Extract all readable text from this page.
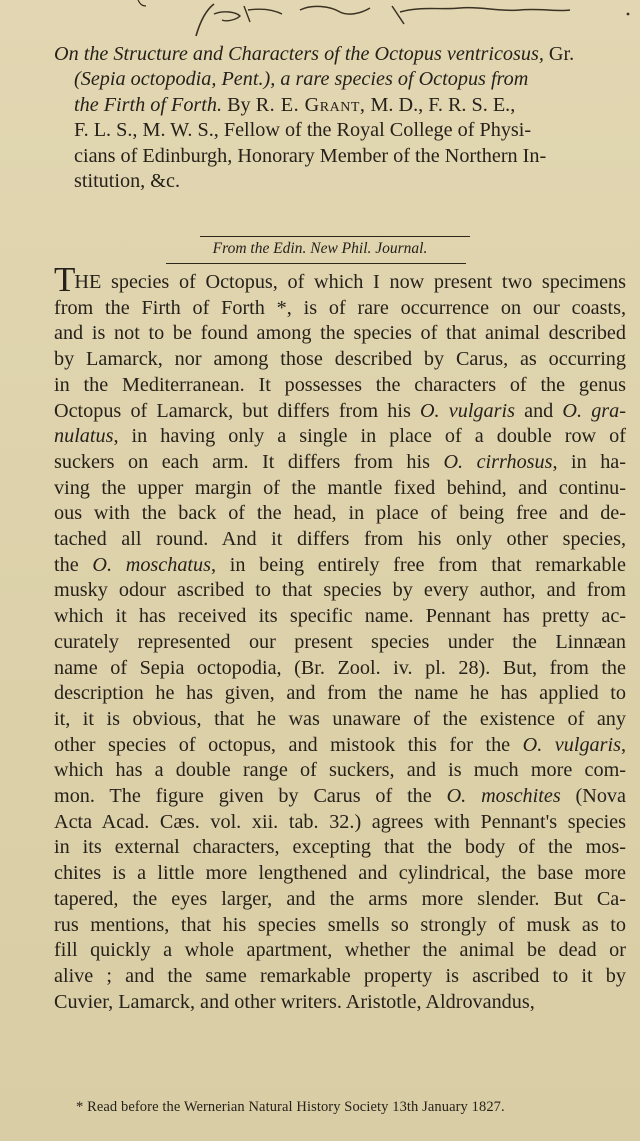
On the Structure and Characters of the Octopus ventricosus, Gr.
(Sepia octopodia, Pent.), a rare species of Octopus from
the Firth of Forth. By R. E. Grant, M. D., F. R. S. E.,
F. L. S., M. W. S., Fellow of the Royal College of Physi-
cians of Edinburgh, Honorary Member of the Northern In-
stitution, &c.

From the Edin. New Phil. Journal.

THE species of Octopus, of which I now present two specimens
from the Firth of Forth *, is of rare occurrence on our coasts,
and is not to be found among the species of that animal described
by Lamarck, nor among those described by Carus, as occurring
in the Mediterranean. It possesses the characters of the genus
Octopus of Lamarck, but differs from his O. vulgaris and O. gra-
nulatus, in having only a single in place of a double row of
suckers on each arm. It differs from his O. cirrhosus, in ha-
ving the upper margin of the mantle fixed behind, and continu-
ous with the back of the head, in place of being free and de-
tached all round. And it differs from his only other species,
the O. moschatus, in being entirely free from that remarkable
musky odour ascribed to that species by every author, and from
which it has received its specific name. Pennant has pretty ac-
curately represented our present species under the Linnæan
name of Sepia octopodia, (Br. Zool. iv. pl. 28). But, from the
description he has given, and from the name he has applied to
it, it is obvious, that he was unaware of the existence of any
other species of octopus, and mistook this for the O. vulgaris,
which has a double range of suckers, and is much more com-
mon. The figure given by Carus of the O. moschites (Nova
Acta Acad. Cæs. vol. xii. tab. 32.) agrees with Pennant's species
in its external characters, excepting that the body of the mos-
chites is a little more lengthened and cylindrical, the base more
tapered, the eyes larger, and the arms more slender. But Ca-
rus mentions, that his species smells so strongly of musk as to
fill quickly a whole apartment, whether the animal be dead or
alive ; and the same remarkable property is ascribed to it by
Cuvier, Lamarck, and other writers. Aristotle, Aldrovandus,

* Read before the Wernerian Natural History Society 13th January 1827.
